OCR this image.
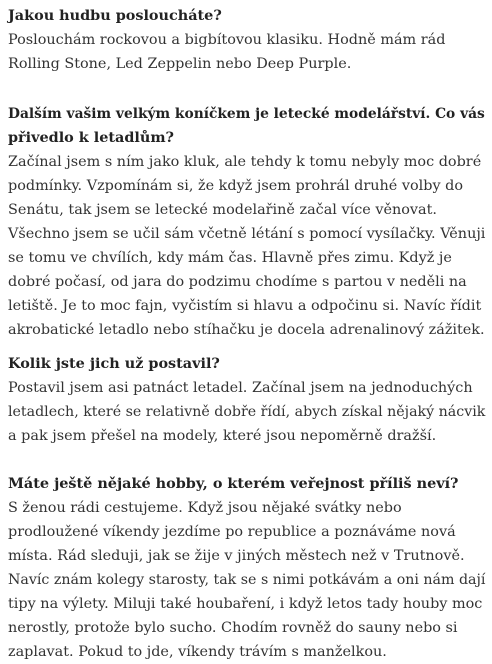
Jakou hudbu posloucháte?

Poslouchám rockovou a bigbítovou klasiku. Hodně mám rád
Rolling Stone, Led Zeppelin nebo Deep Purple.

Dalším vašim velkým koníčkem je letecké modelářství. Co vás
přivedlo k letadlům?

Začínal jsem s ním jako kluk, ale tehdy k tomu nebyly moc dobré
podmínky. Vzpomínám si, že když jsem prohrál druhé volby do
Senátu, tak jsem se letecké modelařině začal více věnovat.
Všechno jsem se učil sám včetně létání s pomocí vysílačky. Věnuji
se tomu ve chvílích, kdy mám čas. Hlavně přes zimu. Když je
dobré počasí, od jara do podzimu chodíme s partou v neděli na
letiště. Je to moc fajn, vyčistím si hlavu a odpočinu si. Navíc řídit
akrobatické letadlo nebo stíhačku je docela adrenalinový zážitek.

Kolik jste jich už postavil?

Postavil jsem asi patnáct letadel. Začínal jsem na jednoduchých
letadlech, které se relativně dobře řídí, abych získal nějaký nácvik
a pak jsem přešel na modely, které jsou nepoměrně dražší.

Máte ještě nějaké hobby, o kterém veřejnost příliš neví?

S ženou rádi cestujeme. Když jsou nějaké svátky nebo
prodloužené víkendy jezdíme po republice a poznáváme nová
místa. Rád sleduji, jak se žije v jiných městech než v Trutnově.
Navíc znám kolegy starosty, tak se s nimi potkávám a oni nám dají
tipy na výlety. Miluji také houbaření, i když letos tady houby moc
nerostly, protože bylo sucho. Chodím rovněž do sauny nebo si
zaplavat. Pokud to jde, víkendy trávím s manželkou.
